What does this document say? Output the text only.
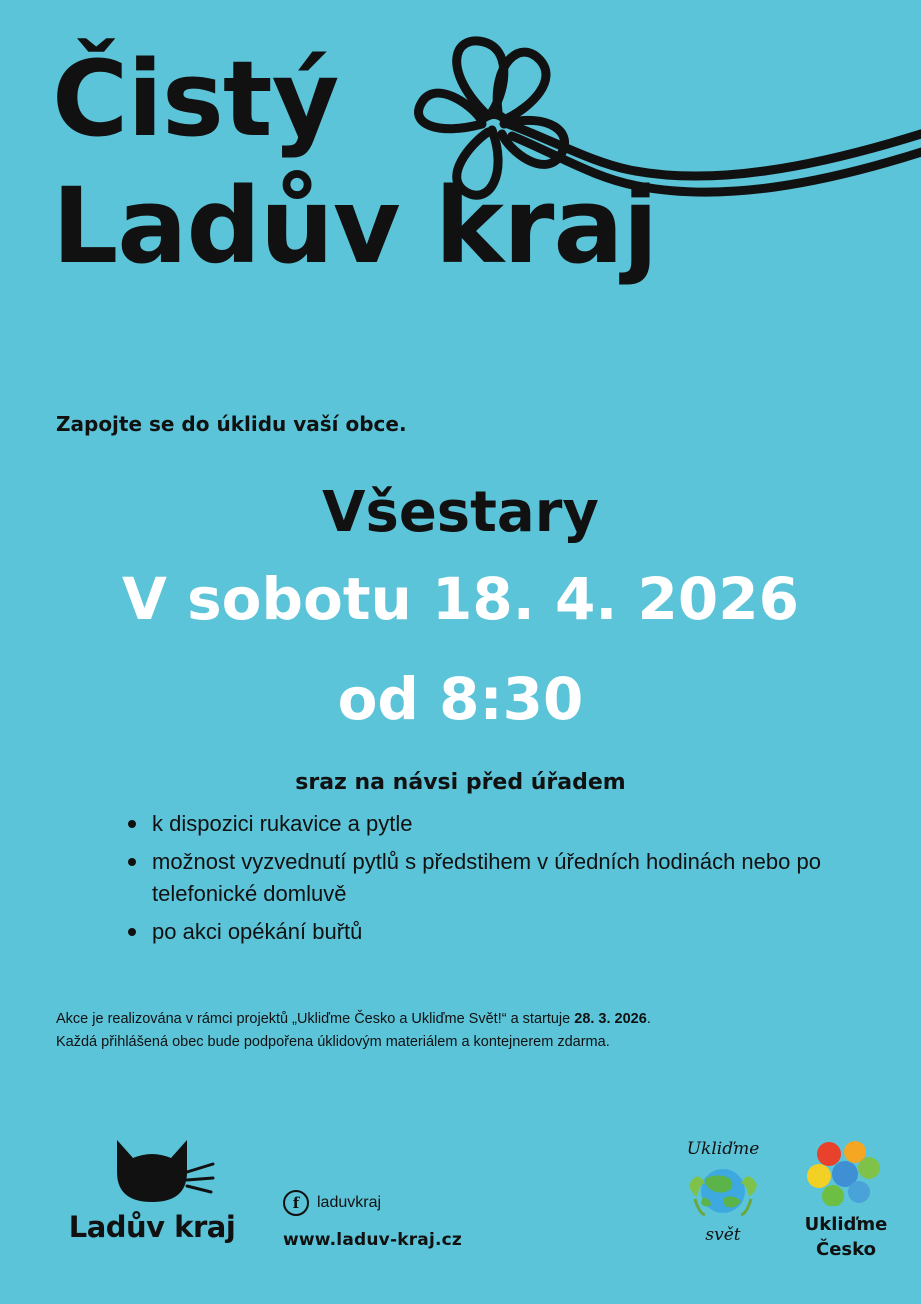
Čistý
Ladův kraj
Zapojte se do úklidu vaší obce.
Všestary
V sobotu 18. 4. 2026
od 8:30
sraz na návsi před úřadem
k dispozici rukavice a pytle
možnost vyzvednutí pytlů s předstihem v úředních hodinách nebo po telefonické domluvě
po akci opékání buřtů
Akce je realizována v rámci projektů „Ukliďme Česko a Ukliďme Svět!“ a startuje 28. 3. 2026.
Každá přihlášená obec bude podpořena úklidovým materiálem a kontejnerem zdarma.
Ladův kraj
f	laduvkraj
www.laduv-kraj.cz
Ukliďme
svět	Ukliďme
Česko
